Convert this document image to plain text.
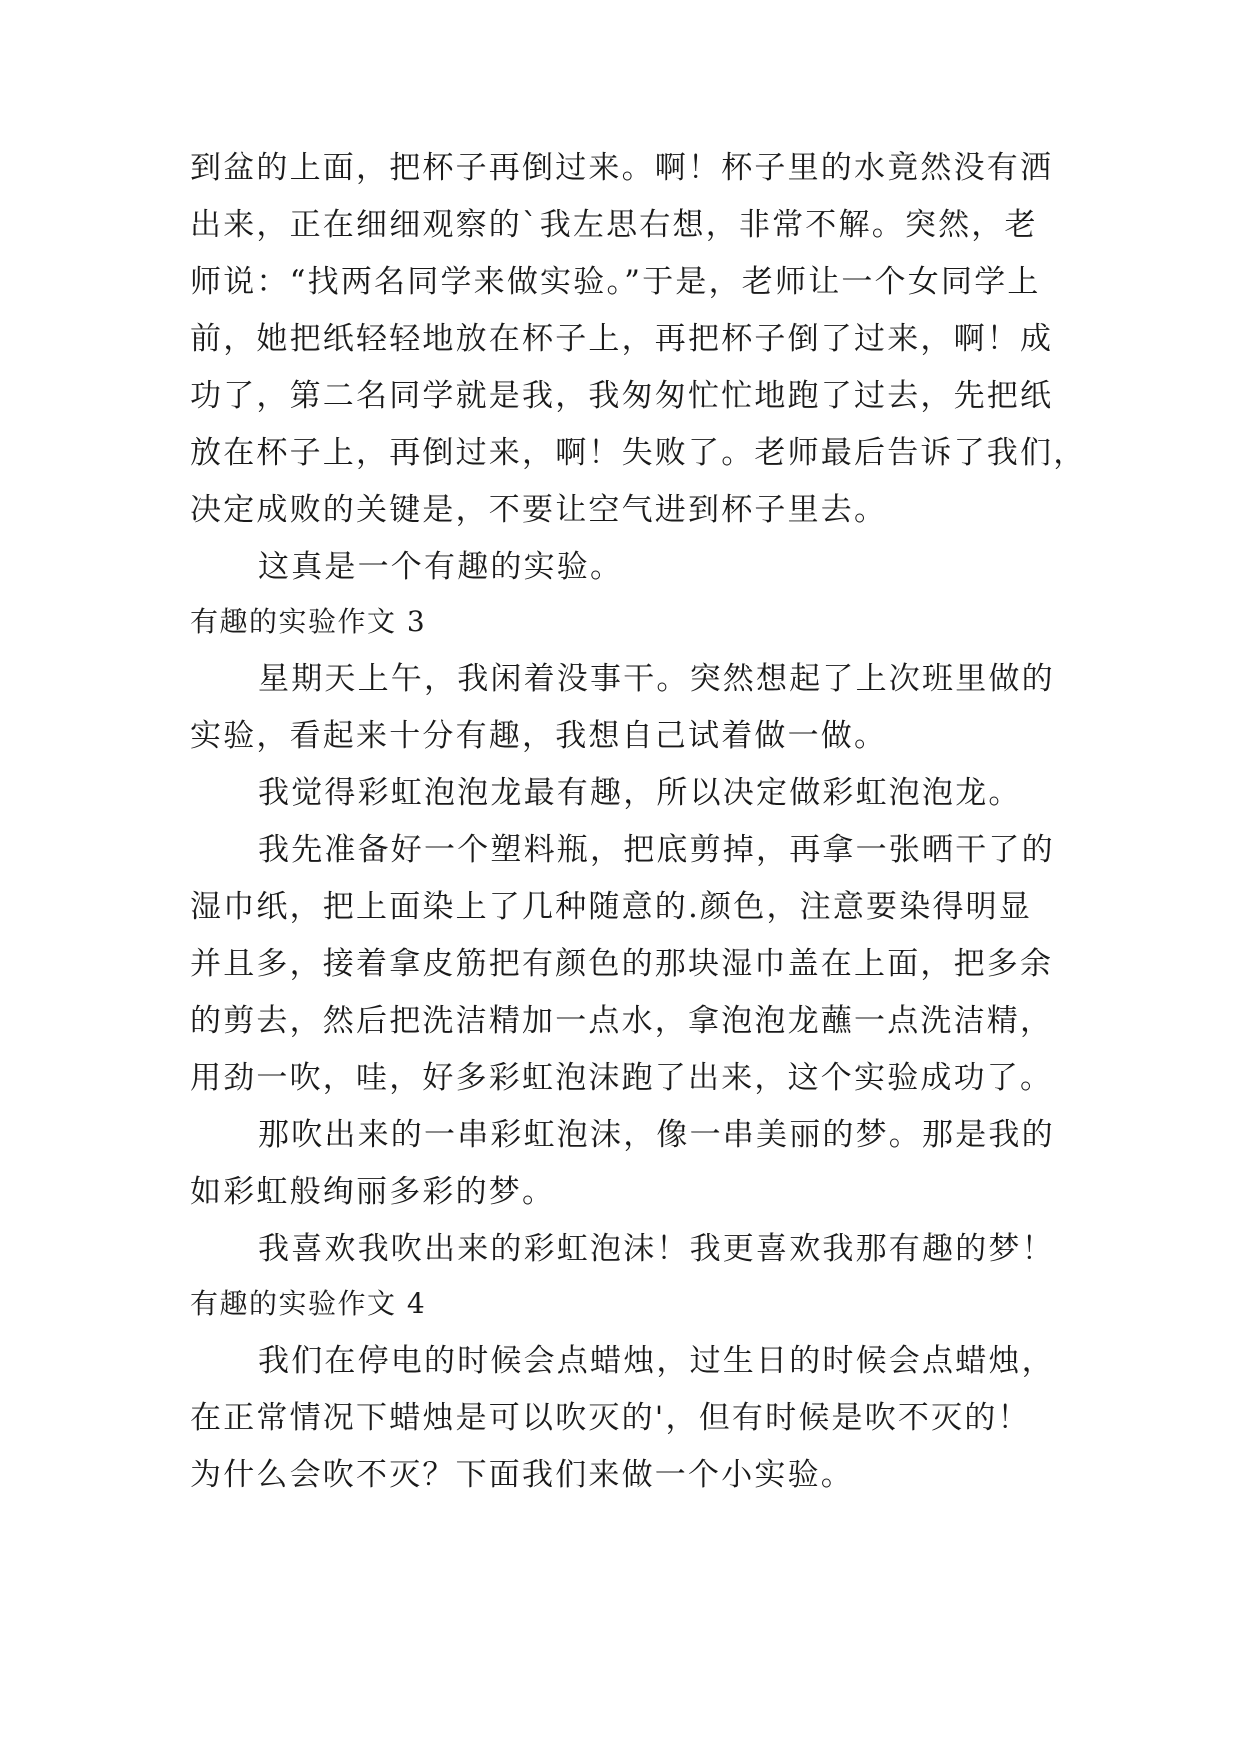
到盆的上面，把杯子再倒过来。啊！杯子里的水竟然没有洒
出来，正在细细观察的`我左思右想，非常不解。突然，老
师说：“找两名同学来做实验。”于是，老师让一个女同学上
前，她把纸轻轻地放在杯子上，再把杯子倒了过来，啊！成
功了，第二名同学就是我，我匆匆忙忙地跑了过去，先把纸
放在杯子上，再倒过来，啊！失败了。老师最后告诉了我们，
决定成败的关键是，不要让空气进到杯子里去。
这真是一个有趣的实验。
有趣的实验作文 3
星期天上午，我闲着没事干。突然想起了上次班里做的
实验，看起来十分有趣，我想自己试着做一做。
我觉得彩虹泡泡龙最有趣，所以决定做彩虹泡泡龙。
我先准备好一个塑料瓶，把底剪掉，再拿一张晒干了的
湿巾纸，把上面染上了几种随意的.颜色，注意要染得明显
并且多，接着拿皮筋把有颜色的那块湿巾盖在上面，把多余
的剪去，然后把洗洁精加一点水，拿泡泡龙蘸一点洗洁精，
用劲一吹，哇，好多彩虹泡沫跑了出来，这个实验成功了。
那吹出来的一串彩虹泡沫，像一串美丽的梦。那是我的
如彩虹般绚丽多彩的梦。
我喜欢我吹出来的彩虹泡沫！我更喜欢我那有趣的梦！
有趣的实验作文 4
我们在停电的时候会点蜡烛，过生日的时候会点蜡烛，
在正常情况下蜡烛是可以吹灭的'，但有时候是吹不灭的！
为什么会吹不灭？下面我们来做一个小实验。
